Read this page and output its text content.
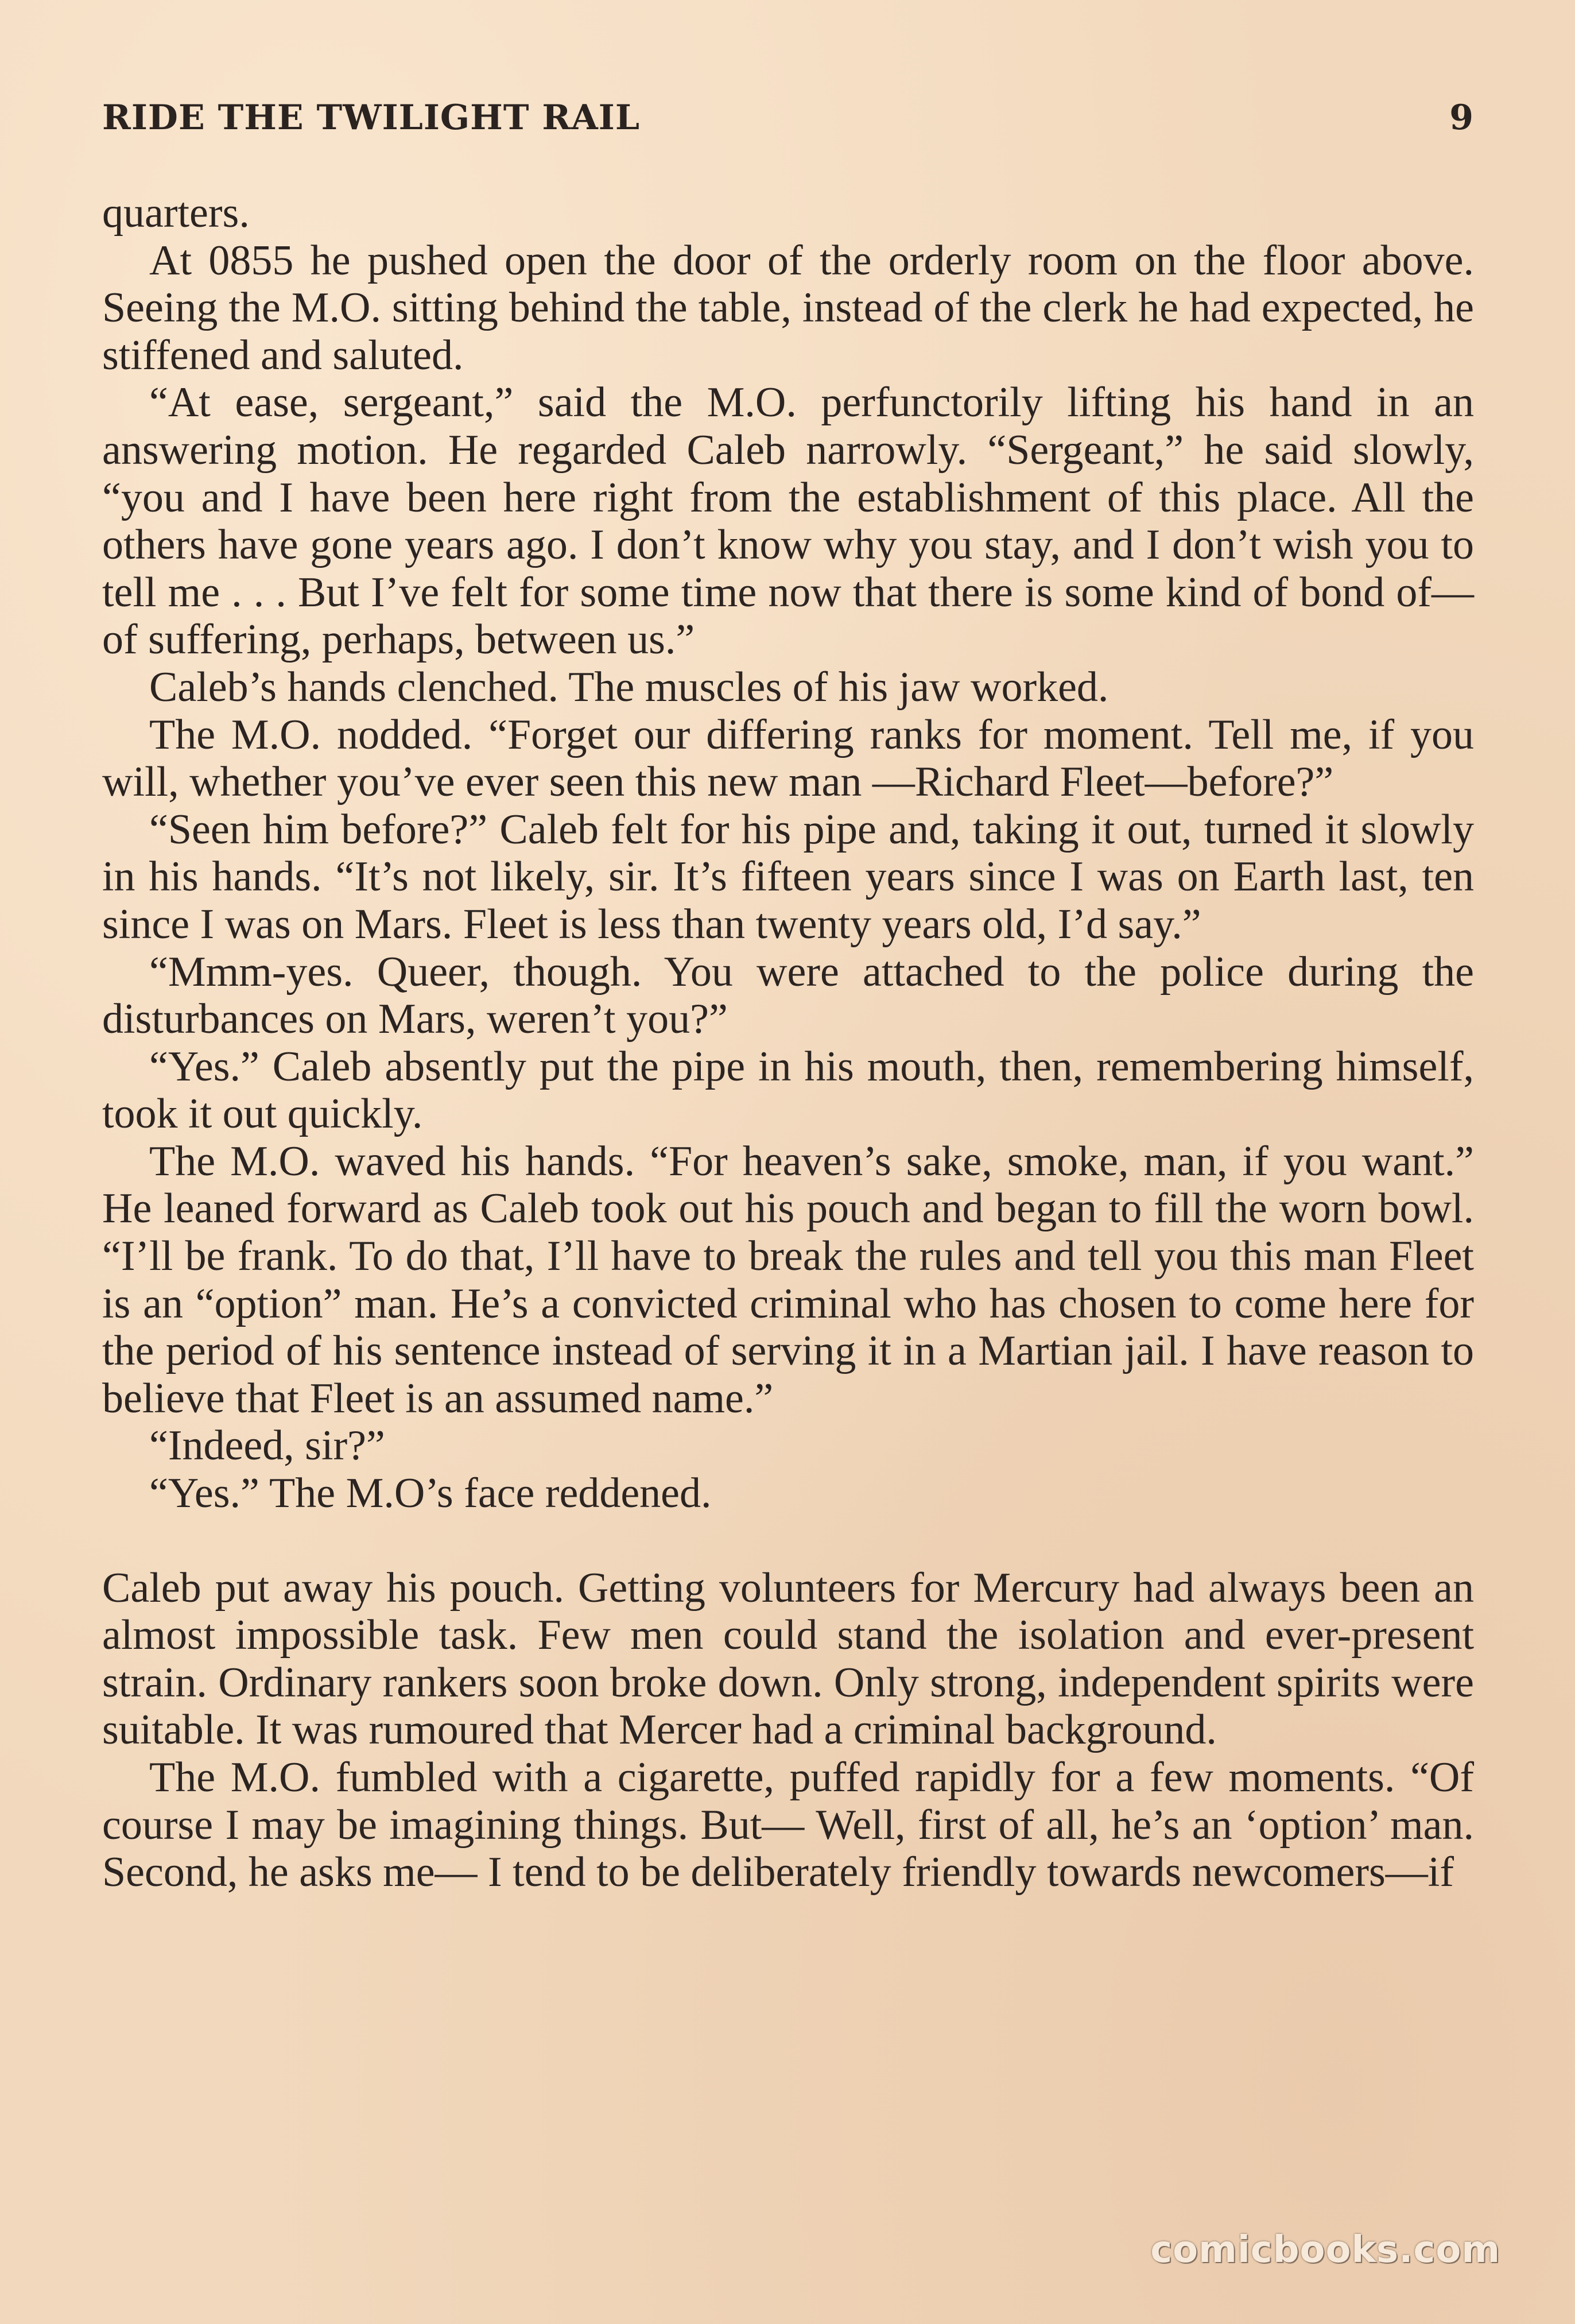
RIDE THE TWILIGHT RAIL	9

quarters.

At 0855 he pushed open the door of the orderly room on the floor above. Seeing the M.O. sitting behind the table, instead of the clerk he had expected, he stiffened and saluted.

“At ease, sergeant,” said the M.O. perfunctorily lifting his hand in an answering motion. He regarded Caleb narrowly. “Sergeant,” he said slowly, “you and I have been here right from the establishment of this place. All the others have gone years ago. I don’t know why you stay, and I don’t wish you to tell me . . . But I’ve felt for some time now that there is some kind of bond of—of suffering, perhaps, between us.”

Caleb’s hands clenched. The muscles of his jaw worked.

The M.O. nodded. “Forget our differing ranks for moment. Tell me, if you will, whether you’ve ever seen this new man —Richard Fleet—before?”

“Seen him before?” Caleb felt for his pipe and, taking it out, turned it slowly in his hands. “It’s not likely, sir. It’s fifteen years since I was on Earth last, ten since I was on Mars. Fleet is less than twenty years old, I’d say.”

“Mmm-yes. Queer, though. You were attached to the police during the disturbances on Mars, weren’t you?”

“Yes.” Caleb absently put the pipe in his mouth, then, remembering himself, took it out quickly.

The M.O. waved his hands. “For heaven’s sake, smoke, man, if you want.” He leaned forward as Caleb took out his pouch and began to fill the worn bowl. “I’ll be frank. To do that, I’ll have to break the rules and tell you this man Fleet is an “option” man. He’s a convicted criminal who has chosen to come here for the period of his sentence instead of serving it in a Martian jail. I have reason to believe that Fleet is an assumed name.”

“Indeed, sir?”

“Yes.” The M.O’s face reddened.

Caleb put away his pouch. Getting volunteers for Mercury had always been an almost impossible task. Few men could stand the isolation and ever-present strain. Ordinary rankers soon broke down. Only strong, independent spirits were suitable. It was rumoured that Mercer had a criminal background.

The M.O. fumbled with a cigarette, puffed rapidly for a few moments. “Of course I may be imagining things. But— Well, first of all, he’s an ‘option’ man. Second, he asks me— I tend to be deliberately friendly towards newcomers—if

comicbooks.com
